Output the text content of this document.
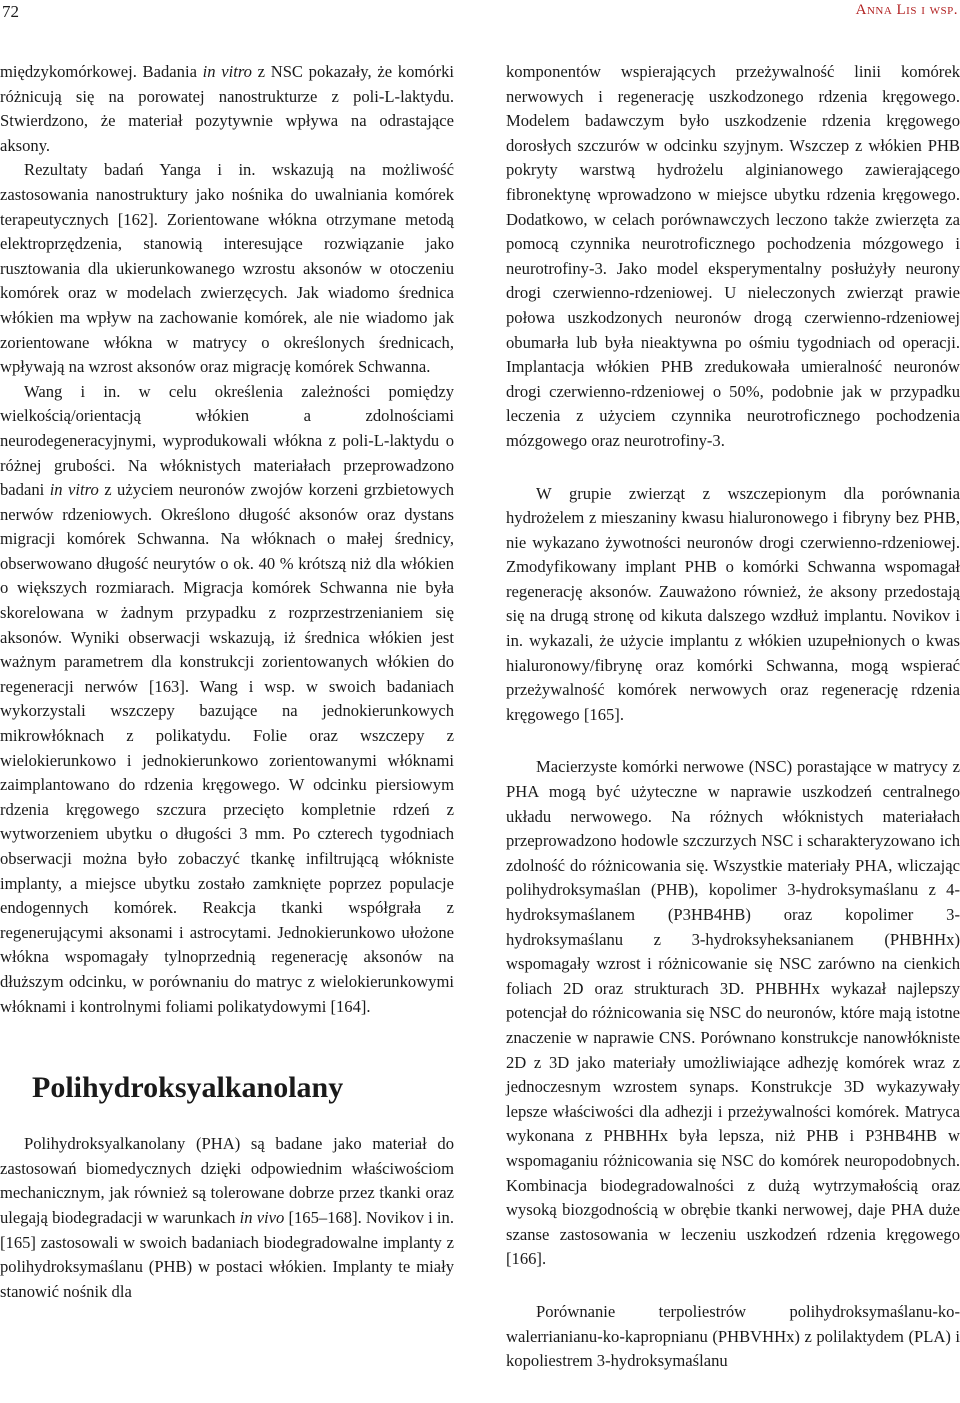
72	Anna Lis i wsp.

międzykomórkowej. Badania in vitro z NSC pokazały, że komórki różnicują się na porowatej nanostrukturze z poli-L-laktydu. Stwierdzono, że materiał pozytywnie wpływa na odrastające aksony.

Rezultaty badań Yanga i in. wskazują na możliwość zastosowania nanostruktury jako nośnika do uwalniania komórek terapeutycznych [162]. Zorientowane włókna otrzymane metodą elektroprzędzenia, stanowią interesujące rozwiązanie jako rusztowania dla ukierunkowanego wzrostu aksonów w otoczeniu komórek oraz w modelach zwierzęcych. Jak wiadomo średnica włókien ma wpływ na zachowanie komórek, ale nie wiadomo jak zorientowane włókna w matrycy o określonych średnicach, wpływają na wzrost aksonów oraz migrację komórek Schwanna.

Wang i in. w celu określenia zależności pomiędzy wielkością/orientacją włókien a zdolnościami neurodegeneracyjnymi, wyprodukowali włókna z poli-L-laktydu o różnej grubości. Na włóknistych materiałach przeprowadzono badani in vitro z użyciem neuronów zwojów korzeni grzbietowych nerwów rdzeniowych. Określono długość aksonów oraz dystans migracji komórek Schwanna. Na włóknach o małej średnicy, obserwowano długość neurytów o ok. 40 % krótszą niż dla włókien o większych rozmiarach. Migracja komórek Schwanna nie była skorelowana w żadnym przypadku z rozprzestrzenianiem się aksonów. Wyniki obserwacji wskazują, iż średnica włókien jest ważnym parametrem dla konstrukcji zorientowanych włókien do regeneracji nerwów [163]. Wang i wsp. w swoich badaniach wykorzystali wszczepy bazujące na jednokierunkowych mikrowłóknach z polikatydu. Folie oraz wszczepy z wielokierunkowo i jednokierunkowo zorientowanymi włóknami zaimplantowano do rdzenia kręgowego. W odcinku piersiowym rdzenia kręgowego szczura przecięto kompletnie rdzeń z wytworzeniem ubytku o długości 3 mm. Po czterech tygodniach obserwacji można było zobaczyć tkankę infiltrującą włókniste implanty, a miejsce ubytku zostało zamknięte poprzez populacje endogennych komórek. Reakcja tkanki współgrała z regenerującymi aksonami i astrocytami. Jednokierunkowo ułożone włókna wspomagały tylnoprzednią regenerację aksonów na dłuższym odcinku, w porównaniu do matryc z wielokierunkowymi włóknami i kontrolnymi foliami polikatydowymi [164].

Polihydroksyalkanolany

Polihydroksyalkanolany (PHA) są badane jako materiał do zastosowań biomedycznych dzięki odpowiednim właściwościom mechanicznym, jak również są tolerowane dobrze przez tkanki oraz ulegają biodegradacji w warunkach in vivo [165–168]. Novikov i in. [165] zastosowali w swoich badaniach biodegradowalne implanty z polihydroksymaślanu (PHB) w postaci włókien. Implanty te miały stanowić nośnik dla

komponentów wspierających przeżywalność linii komórek nerwowych i regenerację uszkodzonego rdzenia kręgowego. Modelem badawczym było uszkodzenie rdzenia kręgowego dorosłych szczurów w odcinku szyjnym. Wszczep z włókien PHB pokryty warstwą hydrożelu alginianowego zawierającego fibronektynę wprowadzono w miejsce ubytku rdzenia kręgowego. Dodatkowo, w celach porównawczych leczono także zwierzęta za pomocą czynnika neurotroficznego pochodzenia mózgowego i neurotrofiny-3. Jako model eksperymentalny posłużyły neurony drogi czerwienno-rdzeniowej. U nieleczonych zwierząt prawie połowa uszkodzonych neuronów drogą czerwienno-rdzeniowej obumarła lub była nieaktywna po ośmiu tygodniach od operacji. Implantacja włókien PHB zredukowała umieralność neuronów drogi czerwienno-rdzeniowej o 50%, podobnie jak w przypadku leczenia z użyciem czynnika neurotroficznego pochodzenia mózgowego oraz neurotrofiny-3.

W grupie zwierząt z wszczepionym dla porównania hydrożelem z mieszaniny kwasu hialuronowego i fibryny bez PHB, nie wykazano żywotności neuronów drogi czerwienno-rdzeniowej. Zmodyfikowany implant PHB o komórki Schwanna wspomagał regenerację aksonów. Zauważono również, że aksony przedostają się na drugą stronę od kikuta dalszego wzdłuż implantu. Novikov i in. wykazali, że użycie implantu z włókien uzupełnionych o kwas hialuronowy/fibrynę oraz komórki Schwanna, mogą wspierać przeżywalność komórek nerwowych oraz regenerację rdzenia kręgowego [165].

Macierzyste komórki nerwowe (NSC) porastające w matrycy z PHA mogą być użyteczne w naprawie uszkodzeń centralnego układu nerwowego. Na różnych włóknistych materiałach przeprowadzono hodowle szczurzych NSC i scharakteryzowano ich zdolność do różnicowania się. Wszystkie materiały PHA, wliczając polihydroksymaślan (PHB), kopolimer 3-hydroksymaślanu z 4-hydroksymaślanem (P3HB4HB) oraz kopolimer 3-hydroksymaślanu z 3-hydroksyheksanianem (PHBHHx) wspomagały wzrost i różnicowanie się NSC zarówno na cienkich foliach 2D oraz strukturach 3D. PHBHHx wykazał najlepszy potencjał do różnicowania się NSC do neuronów, które mają istotne znaczenie w naprawie CNS. Porównano konstrukcje nanowłókniste 2D z 3D jako materiały umożliwiające adhezję komórek wraz z jednoczesnym wzrostem synaps. Konstrukcje 3D wykazywały lepsze właściwości dla adhezji i przeżywalności komórek. Matryca wykonana z PHBHHx była lepsza, niż PHB i P3HB4HB w wspomaganiu różnicowania się NSC do komórek neuropodobnych. Kombinacja biodegradowalności z dużą wytrzymałością oraz wysoką biozgodnością w obrębie tkanki nerwowej, daje PHA duże szanse zastosowania w leczeniu uszkodzeń rdzenia kręgowego [166].

Porównanie terpoliestrów polihydroksymaślanu-ko-walerrianianu-ko-kapropnianu (PHBVHHx) z polilaktydem (PLA) i kopoliestrem 3-hydroksymaślanu
